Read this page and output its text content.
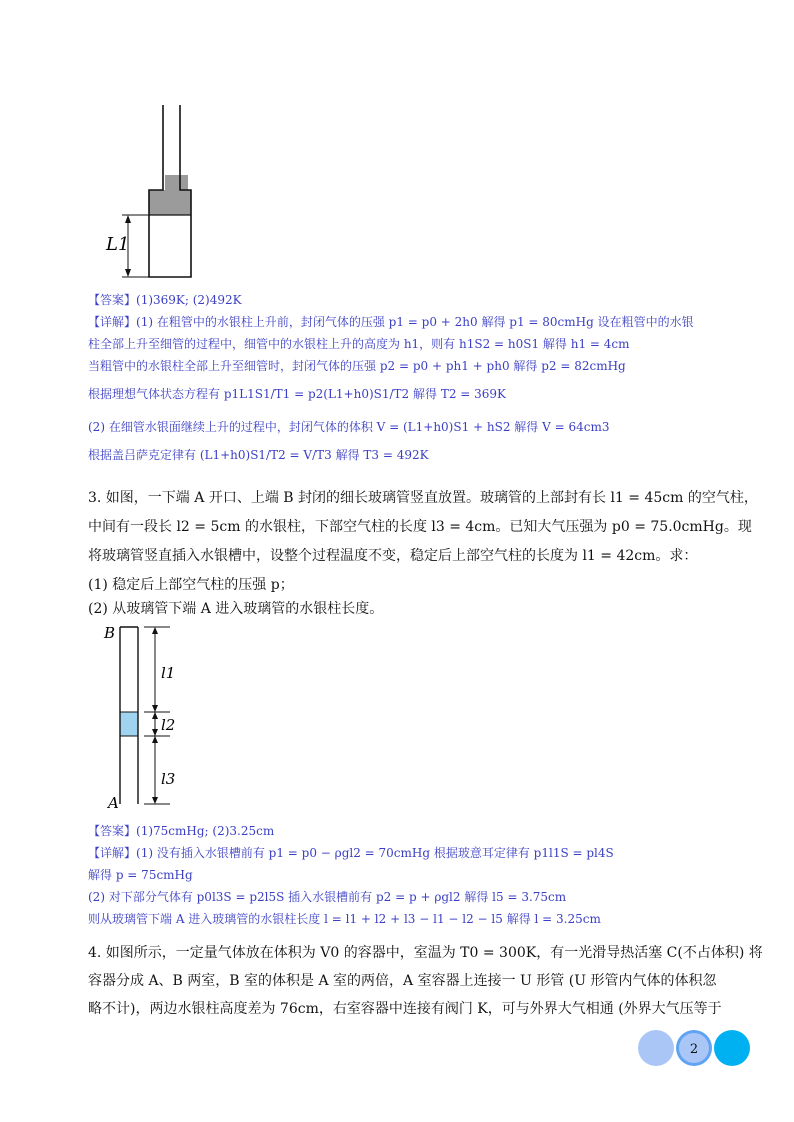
L1
【答案】(1)369K; (2)492K
【详解】(1) 在粗管中的水银柱上升前，封闭气体的压强 p1 = p0 + 2h0 解得 p1 = 80cmHg 设在粗管中的水银
柱全部上升至细管的过程中，细管中的水银柱上升的高度为 h1，则有 h1S2 = h0S1 解得 h1 = 4cm
当粗管中的水银柱全部上升至细管时，封闭气体的压强 p2 = p0 + ph1 + ph0 解得 p2 = 82cmHg
根据理想气体状态方程有 p1L1S1/T1 = p2(L1+h0)S1/T2 解得 T2 = 369K
(2) 在细管水银面继续上升的过程中，封闭气体的体积 V = (L1+h0)S1 + hS2 解得 V = 64cm3
根据盖吕萨克定律有 (L1+h0)S1/T2 = V/T3 解得 T3 = 492K
3. 如图，一下端 A 开口、上端 B 封闭的细长玻璃管竖直放置。玻璃管的上部封有长 l1 = 45cm 的空气柱，
中间有一段长 l2 = 5cm 的水银柱，下部空气柱的长度 l3 = 4cm。已知大气压强为 p0 = 75.0cmHg。现
将玻璃管竖直插入水银槽中，设整个过程温度不变，稳定后上部空气柱的长度为 l1 = 42cm。求：
(1) 稳定后上部空气柱的压强 p；
(2) 从玻璃管下端 A 进入玻璃管的水银柱长度。
B
A
l1
l2
l3
【答案】(1)75cmHg; (2)3.25cm
【详解】(1) 没有插入水银槽前有 p1 = p0 − ρgl2 = 70cmHg 根据玻意耳定律有 p1l1S = pl4S
解得 p = 75cmHg
(2) 对下部分气体有 p0l3S = p2l5S 插入水银槽前有 p2 = p + ρgl2 解得 l5 = 3.75cm
则从玻璃管下端 A 进入玻璃管的水银柱长度 l = l1 + l2 + l3 − l1 − l2 − l5 解得 l = 3.25cm
4. 如图所示，一定量气体放在体积为 V0 的容器中，室温为 T0 = 300K，有一光滑导热活塞 C(不占体积) 将
容器分成 A、B 两室，B 室的体积是 A 室的两倍，A 室容器上连接一 U 形管 (U 形管内气体的体积忽
略不计)，两边水银柱高度差为 76cm，右室容器中连接有阀门 K，可与外界大气相通 (外界大气压等于
2
